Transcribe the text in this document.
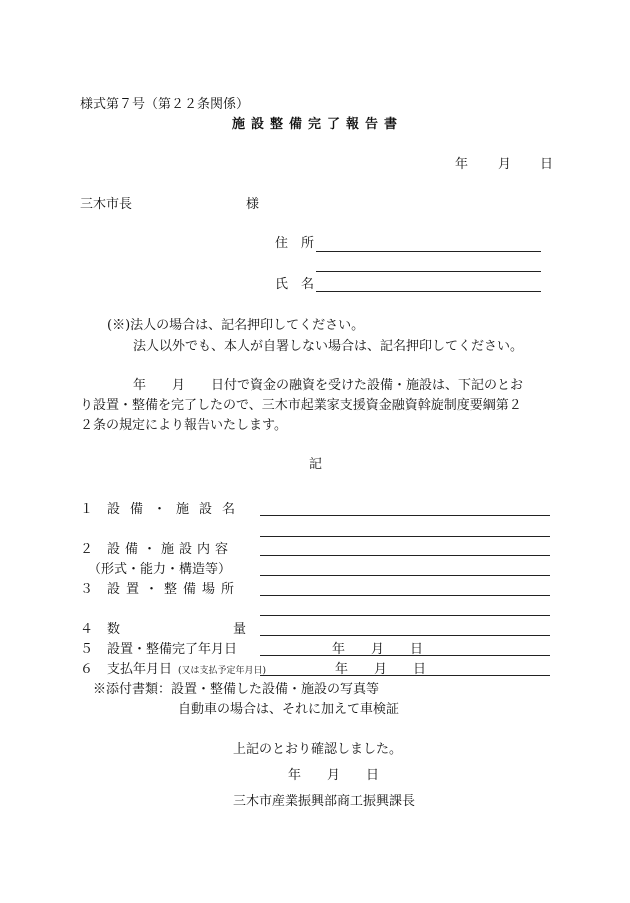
様式第７号（第２２条関係）
施設整備完了報告書
年 月 日
三木市長	様
住　所
氏　名
(※)法人の場合は、記名押印してください。
法人以外でも、本人が自署しない場合は、記名押印してください。
年　　月　　日付で資金の融資を受けた設備・施設は、下記のとお
り設置・整備を完了したので、三木市起業家支援資金融資斡旋制度要綱第２
２条の規定により報告いたします。
記
１ 設備・施設名
２ 設備・施設内容
（形式・能力・構造等）
３ 設置・整備場所
４ 数	量
５ 設置・整備完了年月日	年　　月　　日
６ 支払年月日 (又は支払予定年月日)	年　　月　　日
※添付書類：設置・整備した設備・施設の写真等
自動車の場合は、それに加えて車検証
上記のとおり確認しました。
年　　月　　日
三木市産業振興部商工振興課長
